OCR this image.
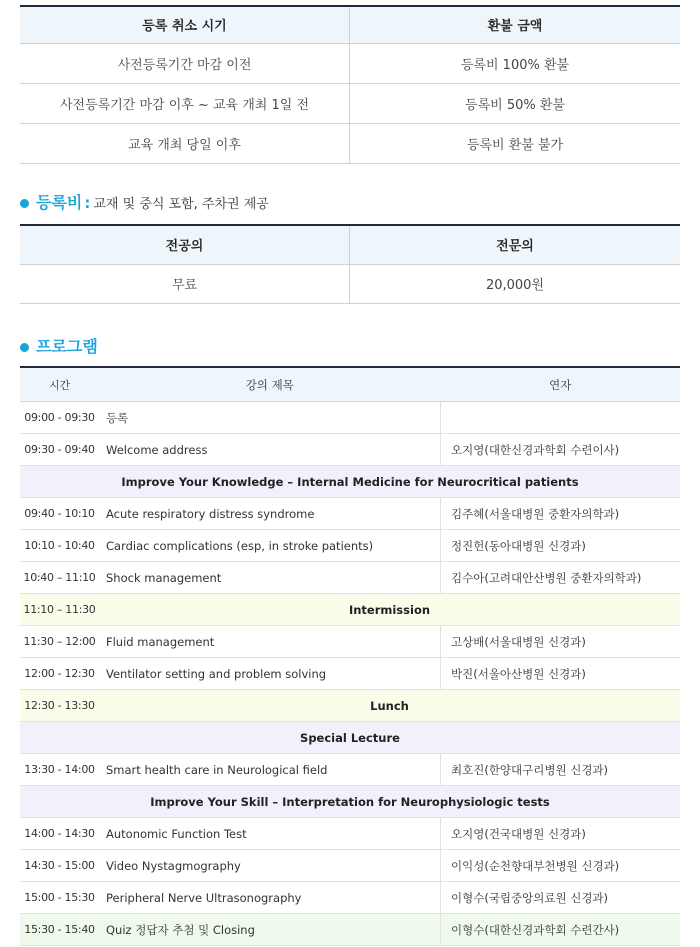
등록 취소 시기	환불 금액
사전등록기간 마감 이전	등록비 100% 환불
사전등록기간 마감 이후 ~ 교육 개최 1일 전	등록비 50% 환불
교육 개최 당일 이후	등록비 환불 불가
등록비 : 교재 및 중식 포함, 주차권 제공
전공의	전문의
무료	20,000원
프로그램
시간	강의 제목	연자
09:00 - 09:30	등록	
09:30 - 09:40	Welcome address	오지영(대한신경과학회 수련이사)
Improve Your Knowledge – Internal Medicine for Neurocritical patients		
09:40 - 10:10	Acute respiratory distress syndrome	김주혜(서울대병원 중환자의학과)
10:10 - 10:40	Cardiac complications (esp, in stroke patients)	정진헌(동아대병원 신경과)
10:40 – 11:10	Shock management	김수아(고려대안산병원 중환자의학과)
11:10 – 11:30	Intermission	
11:30 – 12:00	Fluid management	고상배(서울대병원 신경과)
12:00 - 12:30	Ventilator setting and problem solving	박진(서울아산병원 신경과)
12:30 - 13:30	Lunch	
Special Lecture		
13:30 - 14:00	Smart health care in Neurological field	최호진(한양대구리병원 신경과)
Improve Your Skill – Interpretation for Neurophysiologic tests		
14:00 - 14:30	Autonomic Function Test	오지영(건국대병원 신경과)
14:30 - 15:00	Video Nystagmography	이익성(순천향대부천병원 신경과)
15:00 - 15:30	Peripheral Nerve Ultrasonography	이형수(국립중앙의료원 신경과)
15:30 - 15:40	Quiz 정답자 추첨 및 Closing	이형수(대한신경과학회 수련간사)
